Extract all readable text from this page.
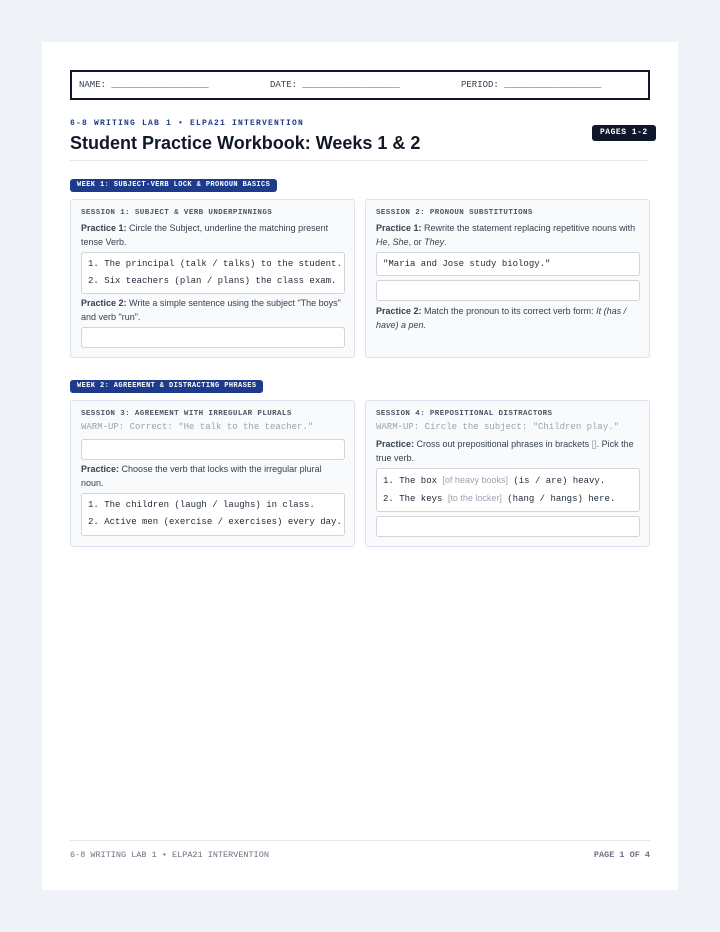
NAME: __________________	DATE: __________________	PERIOD: __________________
6-8 WRITING LAB 1 • ELPA21 INTERVENTION
PAGES 1-2
Student Practice Workbook: Weeks 1 & 2
WEEK 1: SUBJECT-VERB LOCK & PRONOUN BASICS
SESSION 1: SUBJECT & VERB UNDERPINNINGS
Practice 1: Circle the Subject, underline the matching present tense Verb.
1. The principal (talk / talks) to the student.
2. Six teachers (plan / plans) the class exam.
Practice 2: Write a simple sentence using the subject "The boys" and verb "run".
SESSION 2: PRONOUN SUBSTITUTIONS
Practice 1: Rewrite the statement replacing repetitive nouns with He, She, or They.
"Maria and Jose study biology."
Practice 2: Match the pronoun to its correct verb form: It (has / have) a pen.
WEEK 2: AGREEMENT & DISTRACTING PHRASES
SESSION 3: AGREEMENT WITH IRREGULAR PLURALS
WARM-UP: Correct: "He talk to the teacher."
Practice: Choose the verb that locks with the irregular plural noun.
1. The children (laugh / laughs) in class.
2. Active men (exercise / exercises) every day.
SESSION 4: PREPOSITIONAL DISTRACTORS
WARM-UP: Circle the subject: "Children play."
Practice: Cross out prepositional phrases in brackets []. Pick the true verb.
1. The box [of heavy books] (is / are) heavy.
2. The keys [to the locker] (hang / hangs) here.
6-8 WRITING LAB 1 • ELPA21 INTERVENTION	PAGE 1 OF 4
